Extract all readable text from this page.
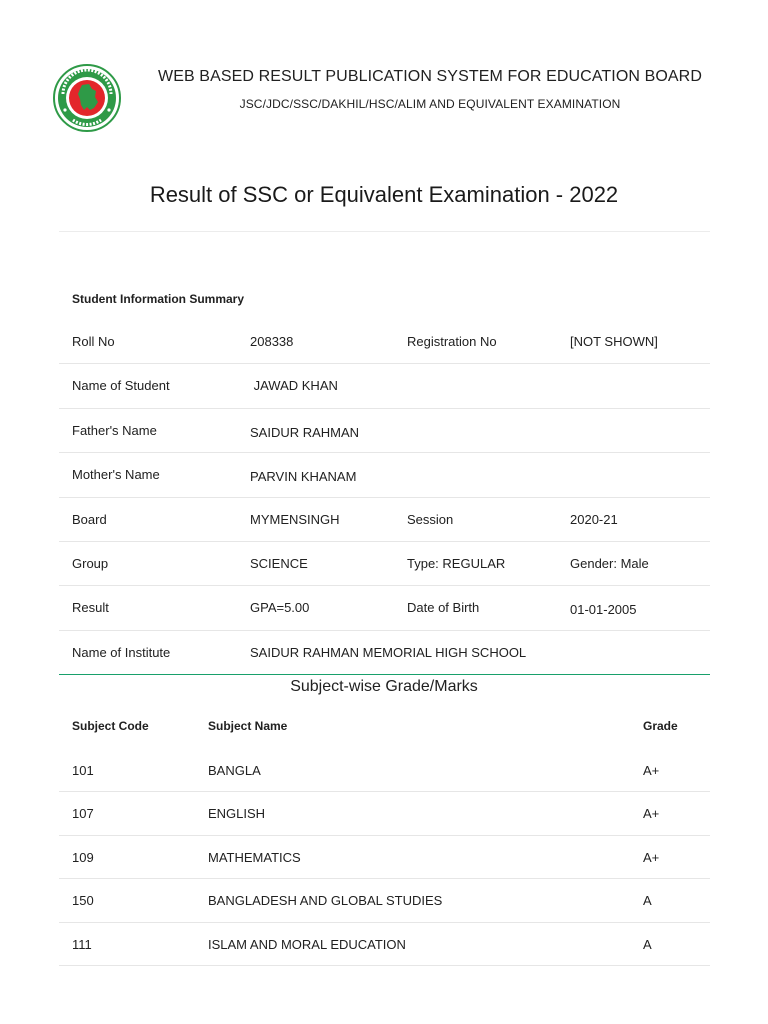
WEB BASED RESULT PUBLICATION SYSTEM FOR EDUCATION BOARD
JSC/JDC/SSC/DAKHIL/HSC/ALIM AND EQUIVALENT EXAMINATION
Result of SSC or Equivalent Examination - 2022
Student Information Summary
Roll No	208338	Registration No	[NOT SHOWN]
Name of Student	JAWAD KHAN
Father's Name	SAIDUR RAHMAN
Mother's Name	PARVIN KHANAM
Board	MYMENSINGH	Session	2020-21
Group	SCIENCE	Type: REGULAR	Gender: Male
Result	GPA=5.00	Date of Birth	01-01-2005
Name of Institute	SAIDUR RAHMAN MEMORIAL HIGH SCHOOL
Subject-wise Grade/Marks
Subject Code	Subject Name	Grade
101	BANGLA	A+
107	ENGLISH	A+
109	MATHEMATICS	A+
150	BANGLADESH AND GLOBAL STUDIES	A
111	ISLAM AND MORAL EDUCATION	A
